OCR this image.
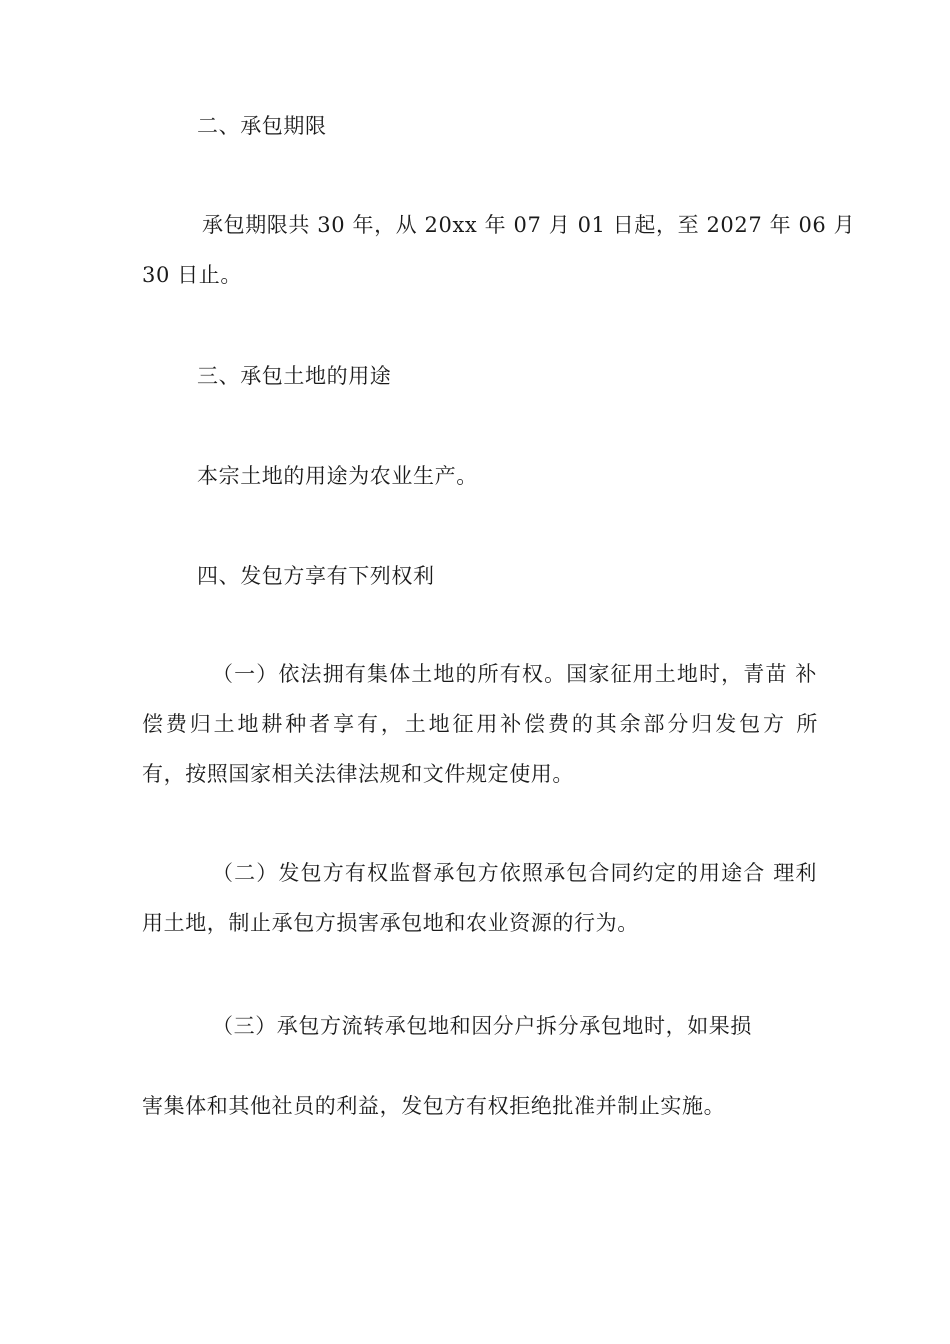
二、承包期限
承包期限共 30 年，从 20xx 年 07 月 01 日起，至 2027 年 06 月
30 日止。
三、承包土地的用途
本宗土地的用途为农业生产。
四、发包方享有下列权利
（一）依法拥有集体土地的所有权。国家征用土地时，青苗 补
偿费归土地耕种者享有，土地征用补偿费的其余部分归发包方 所
有，按照国家相关法律法规和文件规定使用。
（二）发包方有权监督承包方依照承包合同约定的用途合 理利
用土地，制止承包方损害承包地和农业资源的行为。
（三）承包方流转承包地和因分户拆分承包地时，如果损
害集体和其他社员的利益，发包方有权拒绝批准并制止实施。
